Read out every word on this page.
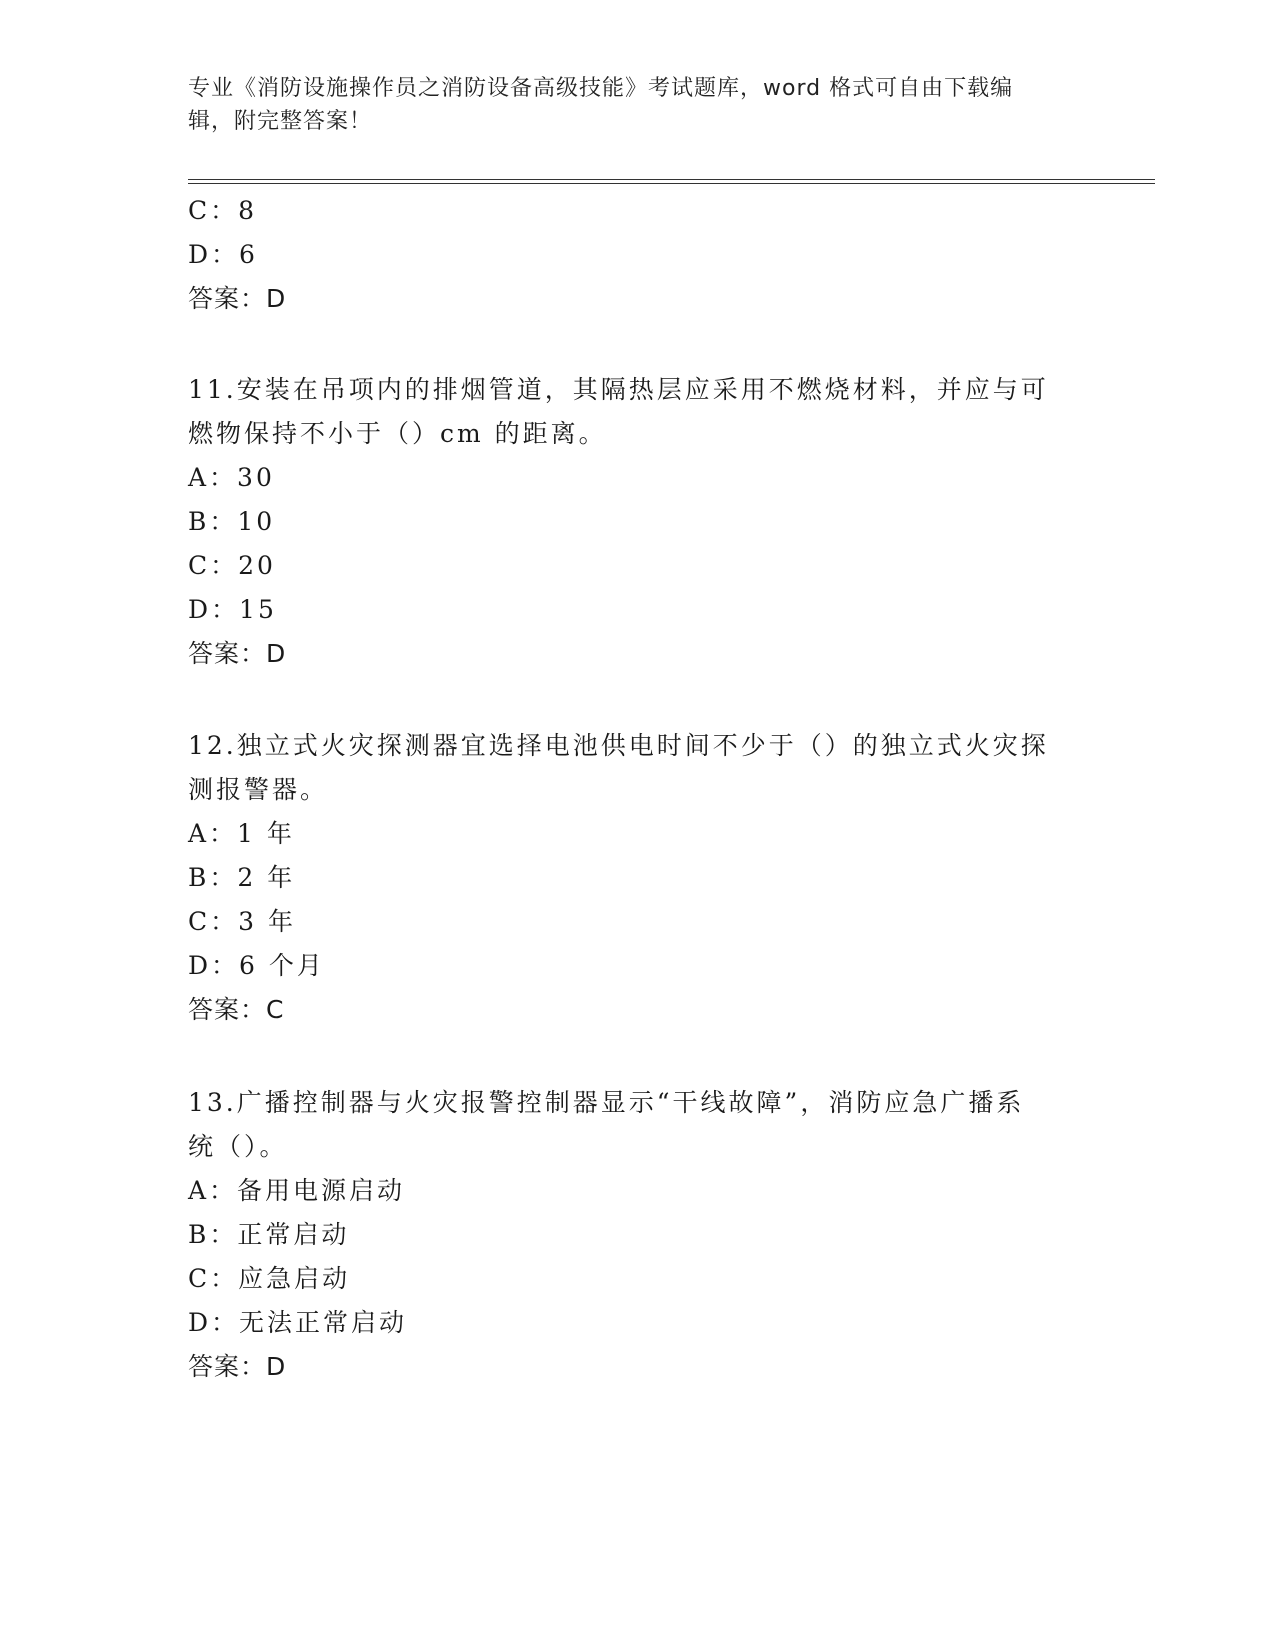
专业《消防设施操作员之消防设备高级技能》考试题库，word 格式可自由下载编
辑，附完整答案！
C：8
D：6
答案：D
11.安装在吊项内的排烟管道，其隔热层应采用不燃烧材料，并应与可
燃物保持不小于（）cm 的距离。
A：30
B：10
C：20
D：15
答案：D
12.独立式火灾探测器宜选择电池供电时间不少于（）的独立式火灾探
测报警器。
A：1 年
B：2 年
C：3 年
D：6 个月
答案：C
13.广播控制器与火灾报警控制器显示“干线故障”，消防应急广播系
统（）。
A：备用电源启动
B：正常启动
C：应急启动
D：无法正常启动
答案：D
